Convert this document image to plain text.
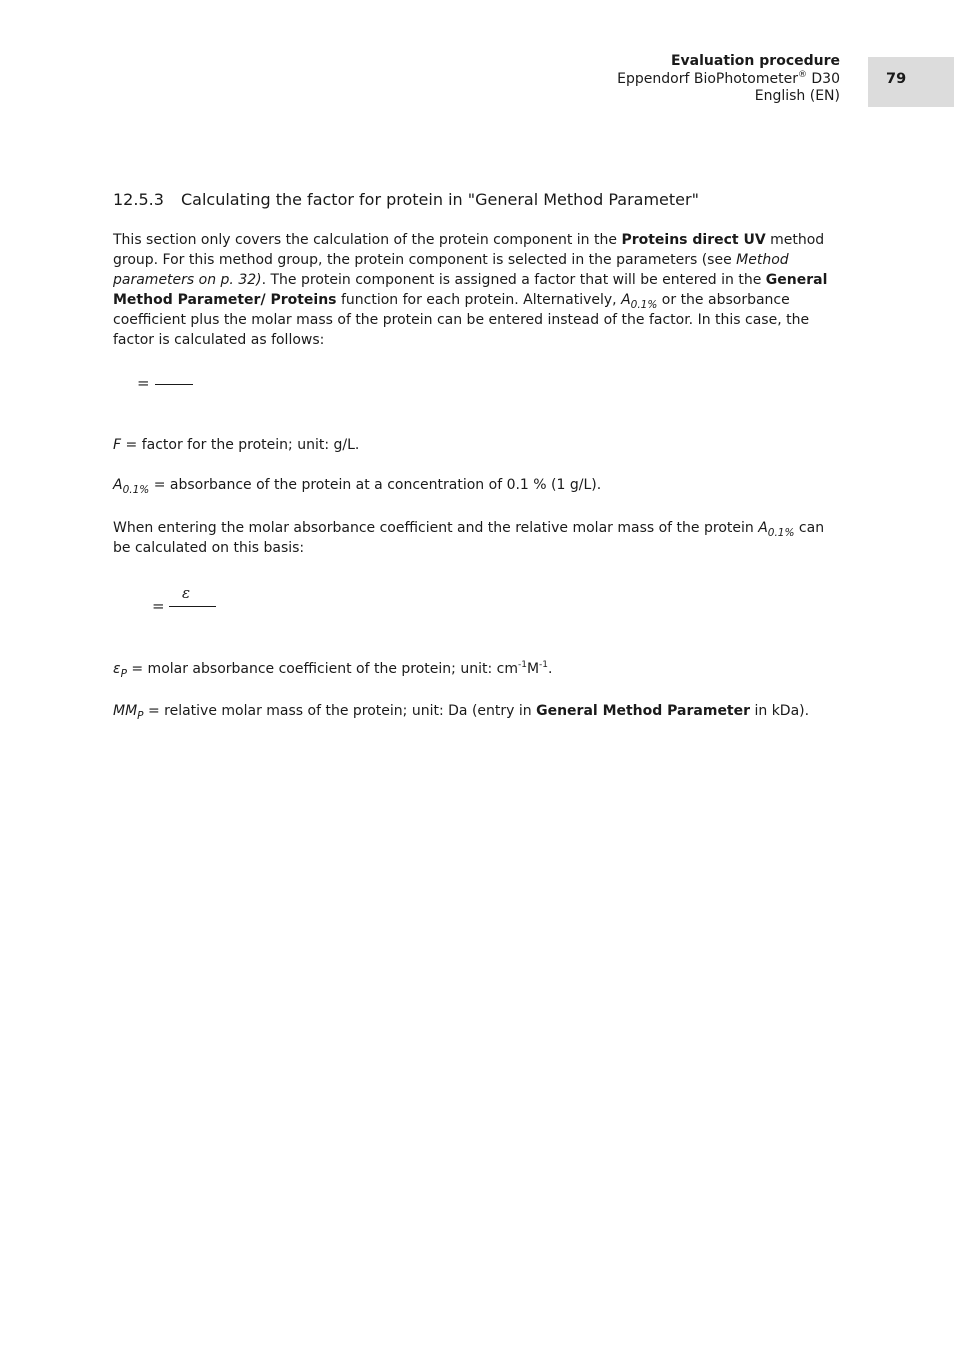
Evaluation procedure
Eppendorf BioPhotometer® D30
English (EN)
79
12.5.3 Calculating the factor for protein in "General Method Parameter"
This section only covers the calculation of the protein component in the Proteins direct UV method group. For this method group, the protein component is selected in the parameters (see Method parameters on p. 32). The protein component is assigned a factor that will be entered in the General Method Parameter/ Proteins function for each protein. Alternatively, $A_{0.1\%}$ or the absorbance coefficient plus the molar mass of the protein can be entered instead of the factor. In this case, the factor is calculated as follows:
=
F = factor for the protein; unit: g/L.
$A_{0.1\%}$ = absorbance of the protein at a concentration of 0.1 % (1 g/L).
When entering the molar absorbance coefficient and the relative molar mass of the protein $A_{0.1\%}$ can be calculated on this basis:
=
ε
$\varepsilon_P$ = molar absorbance coefficient of the protein; unit: $cm^{-1}M^{-1}$.
$MM_P$ = relative molar mass of the protein; unit: Da (entry in General Method Parameter in kDa).
